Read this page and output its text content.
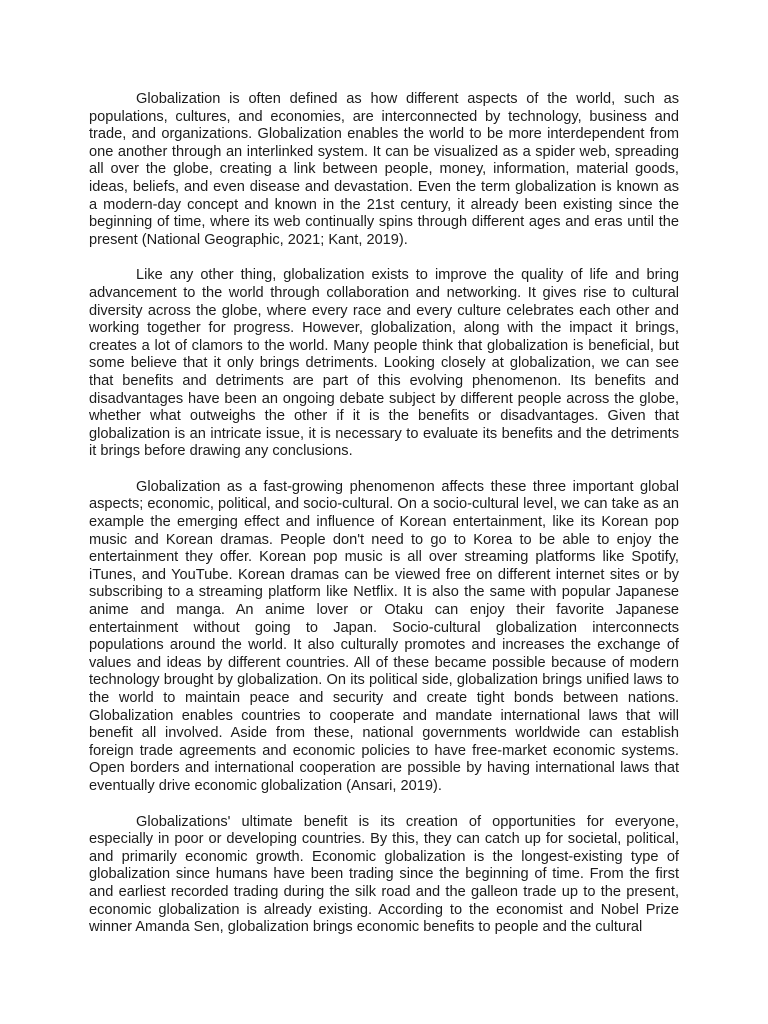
Globalization is often defined as how different aspects of the world, such as populations, cultures, and economies, are interconnected by technology, business and trade, and organizations. Globalization enables the world to be more interdependent from one another through an interlinked system. It can be visualized as a spider web, spreading all over the globe, creating a link between people, money, information, material goods, ideas, beliefs, and even disease and devastation. Even the term globalization is known as a modern-day concept and known in the 21st century, it already been existing since the beginning of time, where its web continually spins through different ages and eras until the present (National Geographic, 2021; Kant, 2019).

Like any other thing, globalization exists to improve the quality of life and bring advancement to the world through collaboration and networking. It gives rise to cultural diversity across the globe, where every race and every culture celebrates each other and working together for progress. However, globalization, along with the impact it brings, creates a lot of clamors to the world. Many people think that globalization is beneficial, but some believe that it only brings detriments. Looking closely at globalization, we can see that benefits and detriments are part of this evolving phenomenon. Its benefits and disadvantages have been an ongoing debate subject by different people across the globe, whether what outweighs the other if it is the benefits or disadvantages. Given that globalization is an intricate issue, it is necessary to evaluate its benefits and the detriments it brings before drawing any conclusions.

Globalization as a fast-growing phenomenon affects these three important global aspects; economic, political, and socio-cultural. On a socio-cultural level, we can take as an example the emerging effect and influence of Korean entertainment, like its Korean pop music and Korean dramas. People don't need to go to Korea to be able to enjoy the entertainment they offer. Korean pop music is all over streaming platforms like Spotify, iTunes, and YouTube. Korean dramas can be viewed free on different internet sites or by subscribing to a streaming platform like Netflix. It is also the same with popular Japanese anime and manga. An anime lover or Otaku can enjoy their favorite Japanese entertainment without going to Japan. Socio-cultural globalization interconnects populations around the world. It also culturally promotes and increases the exchange of values and ideas by different countries. All of these became possible because of modern technology brought by globalization. On its political side, globalization brings unified laws to the world to maintain peace and security and create tight bonds between nations. Globalization enables countries to cooperate and mandate international laws that will benefit all involved. Aside from these, national governments worldwide can establish foreign trade agreements and economic policies to have free-market economic systems. Open borders and international cooperation are possible by having international laws that eventually drive economic globalization (Ansari, 2019).

Globalizations' ultimate benefit is its creation of opportunities for everyone, especially in poor or developing countries. By this, they can catch up for societal, political, and primarily economic growth. Economic globalization is the longest-existing type of globalization since humans have been trading since the beginning of time. From the first and earliest recorded trading during the silk road and the galleon trade up to the present, economic globalization is already existing. According to the economist and Nobel Prize winner Amanda Sen, globalization brings economic benefits to people and the cultural
